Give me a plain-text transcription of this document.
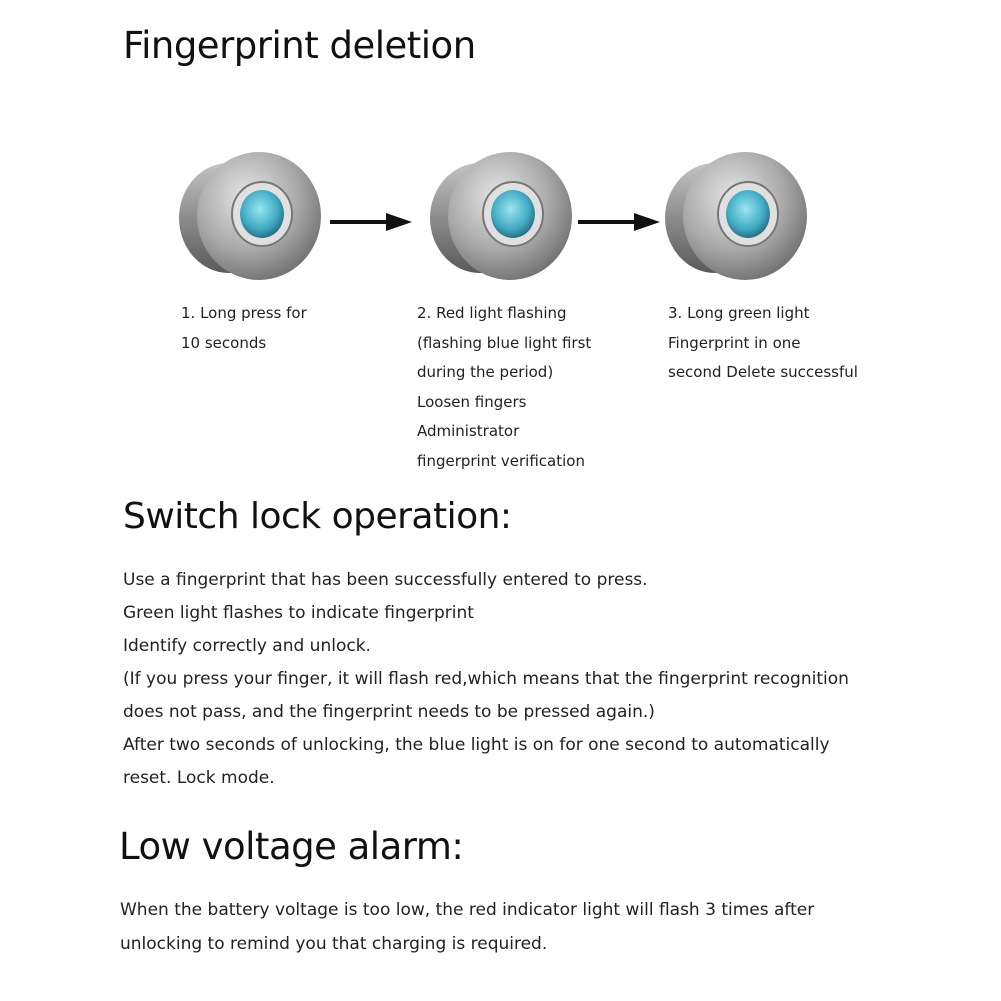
Fingerprint deletion
1. Long press for
10 seconds
2. Red light flashing
(flashing blue light first
during the period)
Loosen fingers
Administrator
fingerprint verification
3. Long green light
Fingerprint in one
second Delete successful
Switch lock operation:
Use a fingerprint that has been successfully entered to press.
Green light flashes to indicate fingerprint
Identify correctly and unlock.
(If you press your finger, it will flash red,which means that the fingerprint recognition
does not pass, and the fingerprint needs to be pressed again.)
After two seconds of unlocking, the blue light is on for one second to automatically
reset. Lock mode.
Low voltage alarm:
When the battery voltage is too low, the red indicator light will flash 3 times after
unlocking to remind you that charging is required.
